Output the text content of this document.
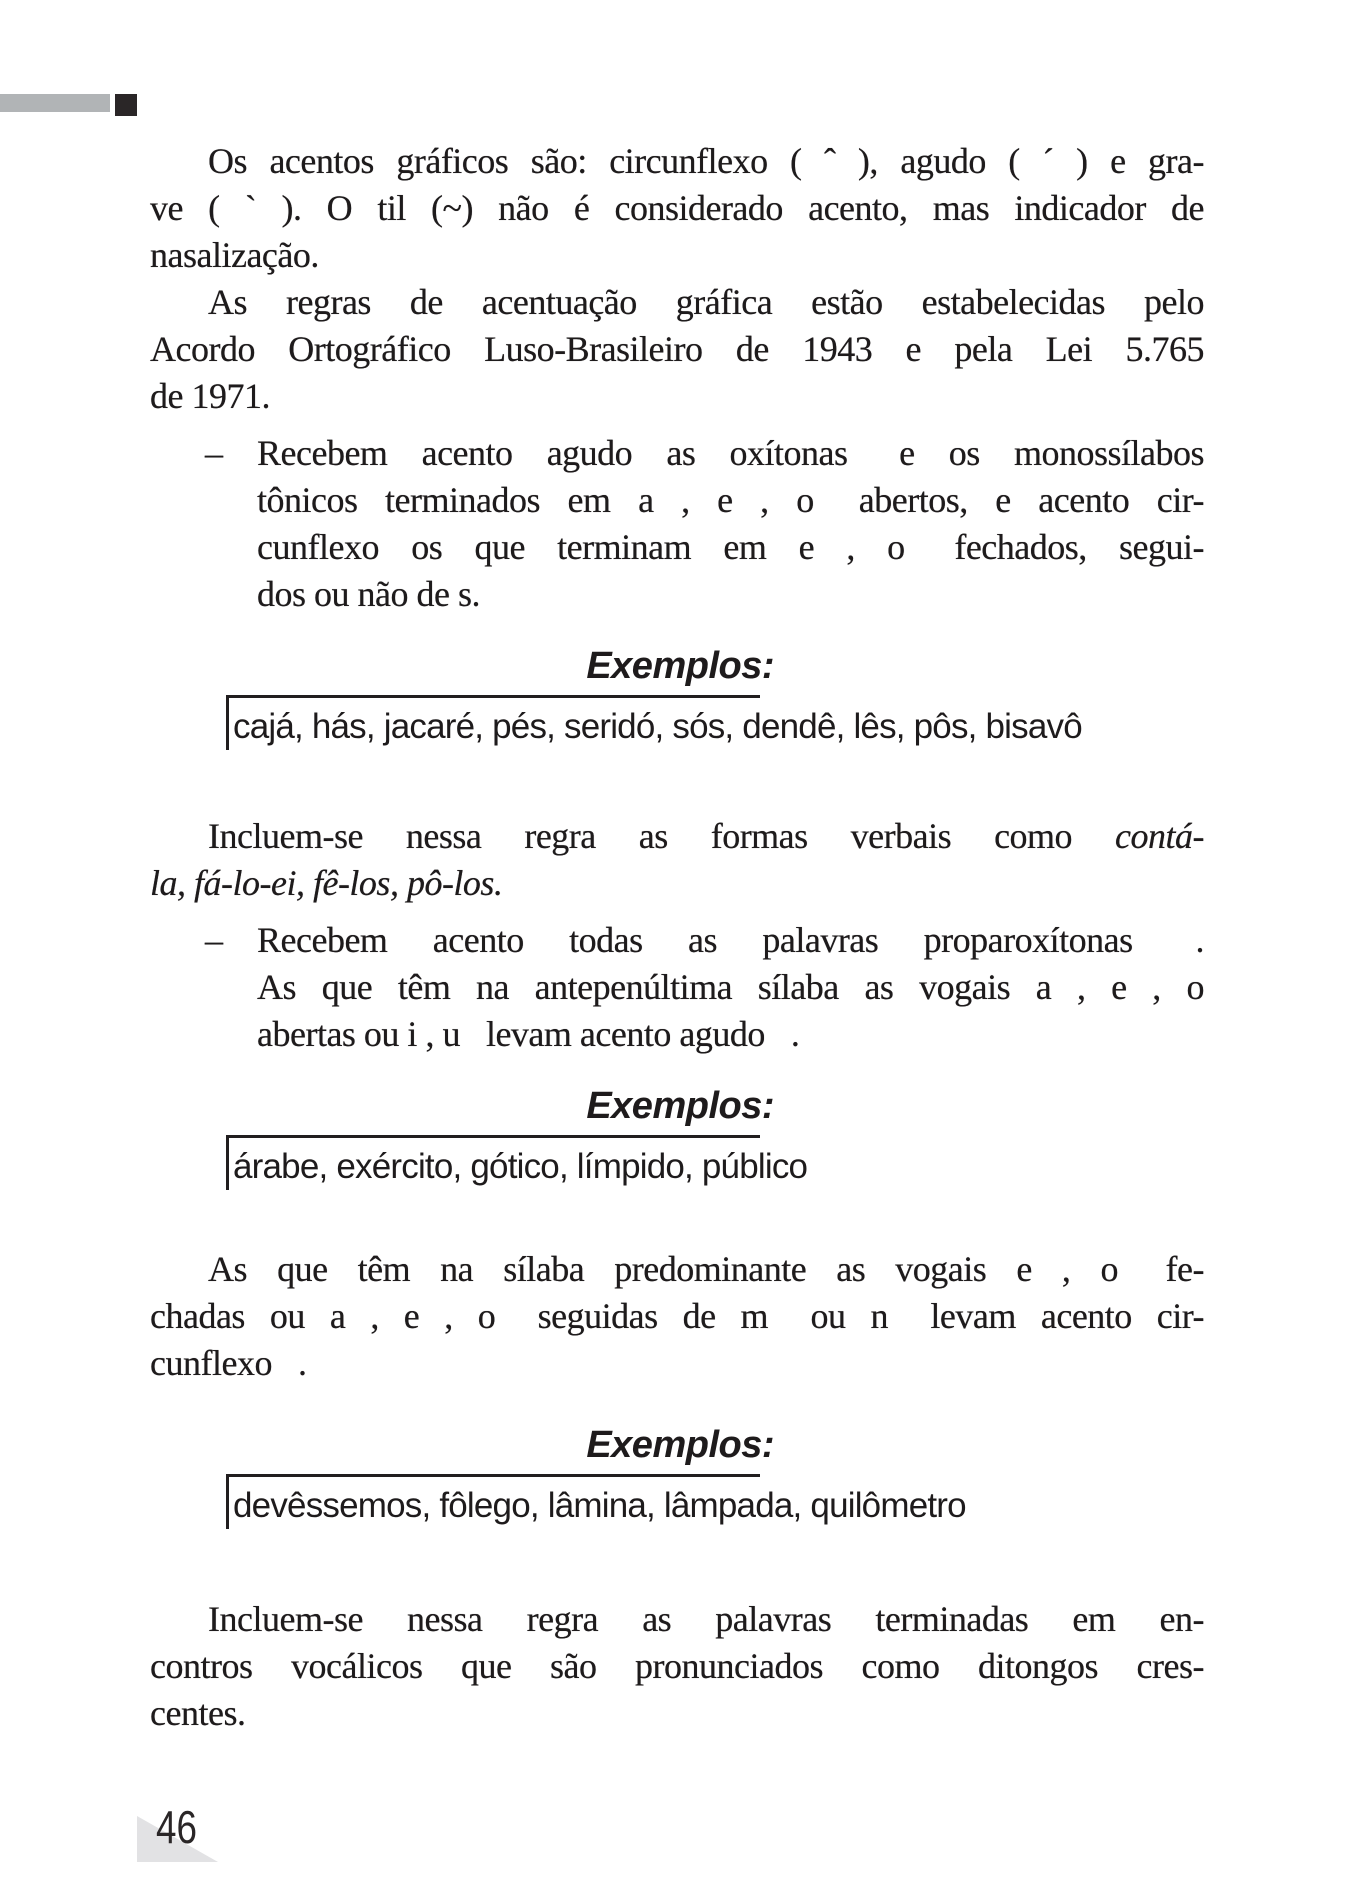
Os acentos gráficos são: circunflexo ( ˆ ), agudo ( ´ ) e gra-
ve ( ` ). O til (~) não é considerado acento, mas indicador de
nasalização.
As regras de acentuação gráfica estão estabelecidas pelo
Acordo Ortográfico Luso-Brasileiro de 1943 e pela Lei 5.765
de 1971.
– Recebem acento agudo as oxítonas  e os monossílabos
tônicos terminados em a , e , o  abertos, e acento cir-
cunflexo os que terminam em e , o  fechados, segui-
dos ou não de s.
Exemplos:
cajá, hás, jacaré, pés, seridó, sós, dendê, lês, pôs, bisavô
Incluem-se nessa regra as formas verbais como contá-
la, fá-lo-ei, fê-los, pô-los.
– Recebem acento todas as palavras proparoxítonas  .
As que têm na antepenúltima sílaba as vogais a , e , o
abertas ou i , u  levam acento agudo  .
Exemplos:
árabe, exército, gótico, límpido, público
As que têm na sílaba predominante as vogais e , o  fe-
chadas ou a , e , o  seguidas de m  ou n  levam acento cir-
cunflexo  .
Exemplos:
devêssemos, fôlego, lâmina, lâmpada, quilômetro
Incluem-se nessa regra as palavras terminadas em en-
contros vocálicos que são pronunciados como ditongos cres-
centes.
46
